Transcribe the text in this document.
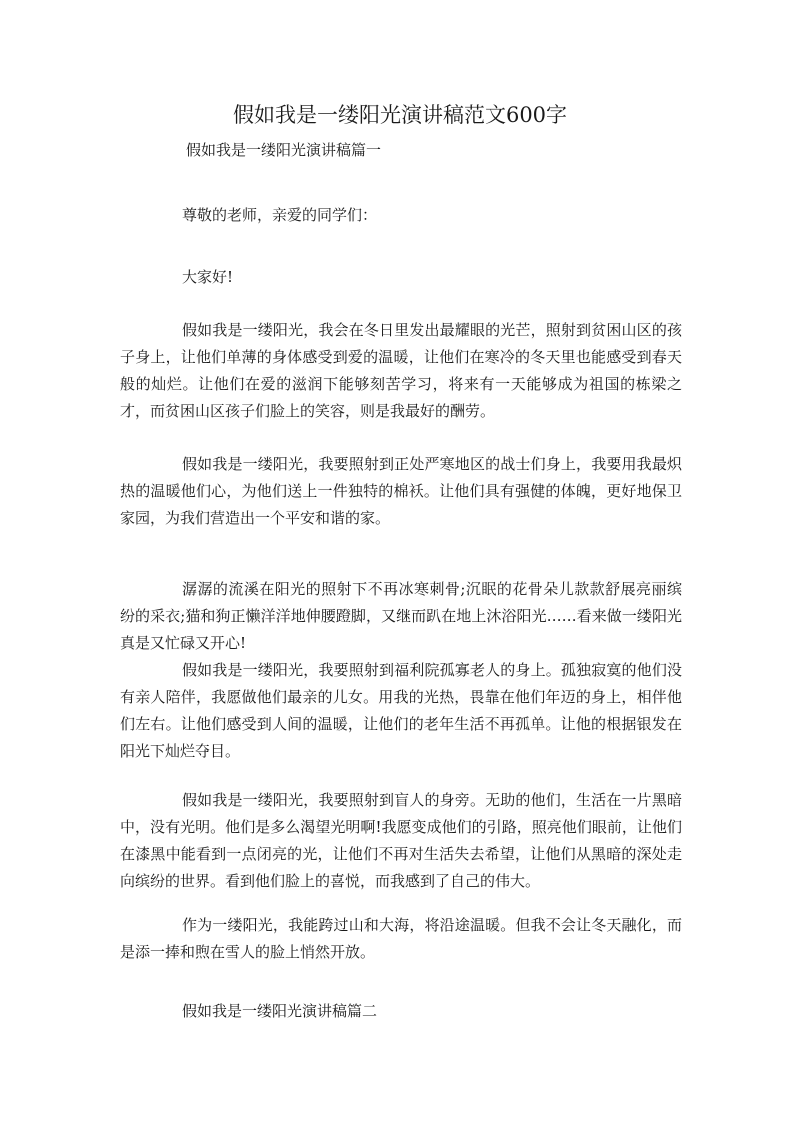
假如我是一缕阳光演讲稿范文600字
假如我是一缕阳光演讲稿篇一
尊敬的老师，亲爱的同学们：
大家好!
假如我是一缕阳光，我会在冬日里发出最耀眼的光芒，照射到贫困山区的孩子身上，让他们单薄的身体感受到爱的温暖，让他们在寒冷的冬天里也能感受到春天般的灿烂。让他们在爱的滋润下能够刻苦学习，将来有一天能够成为祖国的栋梁之才，而贫困山区孩子们脸上的笑容，则是我最好的酬劳。
假如我是一缕阳光，我要照射到正处严寒地区的战士们身上，我要用我最炽热的温暖他们心，为他们送上一件独特的棉袄。让他们具有强健的体魄，更好地保卫家园，为我们营造出一个平安和谐的家。
潺潺的流溪在阳光的照射下不再冰寒刺骨;沉眠的花骨朵儿款款舒展亮丽缤纷的采衣;猫和狗正懒洋洋地伸腰蹬脚，又继而趴在地上沐浴阳光……看来做一缕阳光真是又忙碌又开心!
假如我是一缕阳光，我要照射到福利院孤寡老人的身上。孤独寂寞的他们没有亲人陪伴，我愿做他们最亲的儿女。用我的光热，畏靠在他们年迈的身上，相伴他们左右。让他们感受到人间的温暖，让他们的老年生活不再孤单。让他的根据银发在阳光下灿烂夺目。
假如我是一缕阳光，我要照射到盲人的身旁。无助的他们，生活在一片黑暗中，没有光明。他们是多么渴望光明啊!我愿变成他们的引路，照亮他们眼前，让他们在漆黑中能看到一点闭亮的光，让他们不再对生活失去希望，让他们从黑暗的深处走向缤纷的世界。看到他们脸上的喜悦，而我感到了自己的伟大。
作为一缕阳光，我能跨过山和大海，将沿途温暖。但我不会让冬天融化，而是添一捧和煦在雪人的脸上悄然开放。
假如我是一缕阳光演讲稿篇二
